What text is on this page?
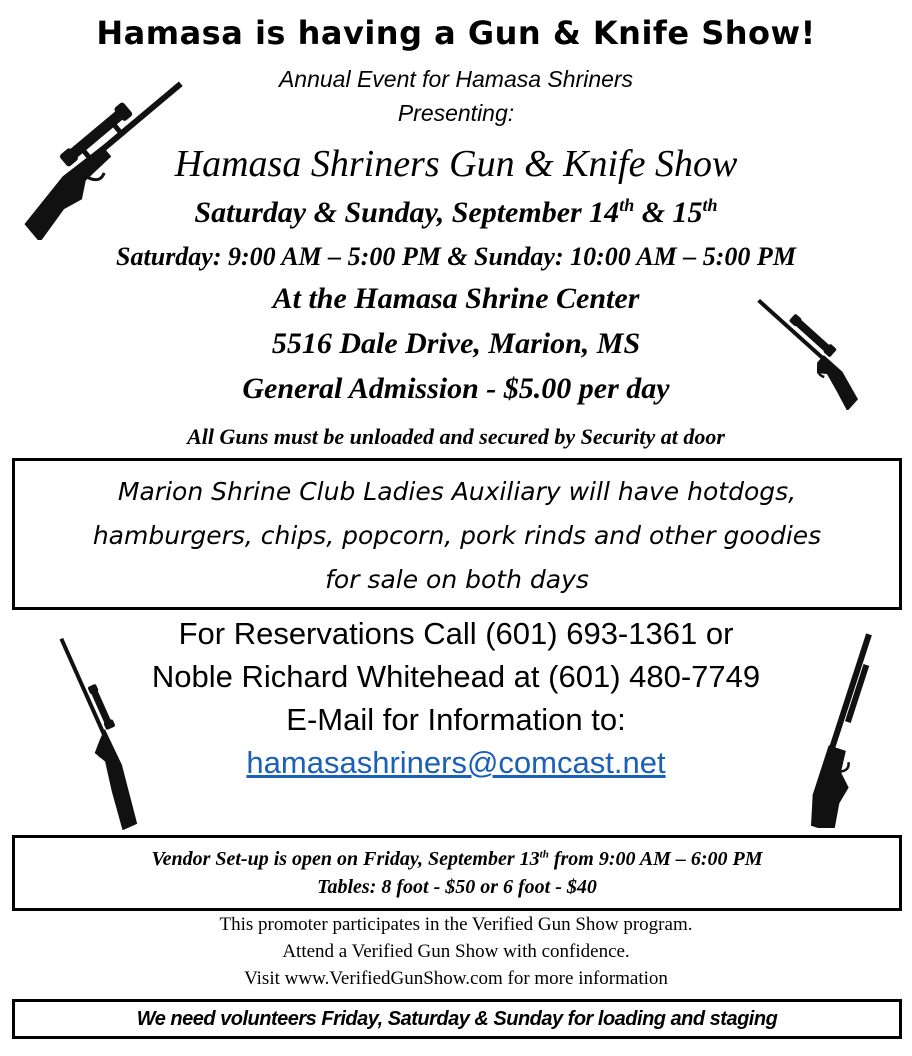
Hamasa is having a Gun & Knife Show!
Annual Event for Hamasa Shriners
Presenting:
Hamasa Shriners Gun & Knife Show
Saturday & Sunday, September 14th & 15th
Saturday: 9:00 AM – 5:00 PM & Sunday: 10:00 AM – 5:00 PM
At the Hamasa Shrine Center
5516 Dale Drive, Marion, MS
General Admission - $5.00 per day
All Guns must be unloaded and secured by Security at door
Marion Shrine Club Ladies Auxiliary will have hotdogs,
hamburgers, chips, popcorn, pork rinds and other goodies
for sale on both days
For Reservations Call (601) 693-1361 or
Noble Richard Whitehead at (601) 480-7749
E-Mail for Information to:
hamasashriners@comcast.net
Vendor Set-up is open on Friday, September 13th from 9:00 AM – 6:00 PM
Tables: 8 foot - $50 or 6 foot - $40
This promoter participates in the Verified Gun Show program.
Attend a Verified Gun Show with confidence.
Visit www.VerifiedGunShow.com for more information
We need volunteers Friday, Saturday & Sunday for loading and staging
